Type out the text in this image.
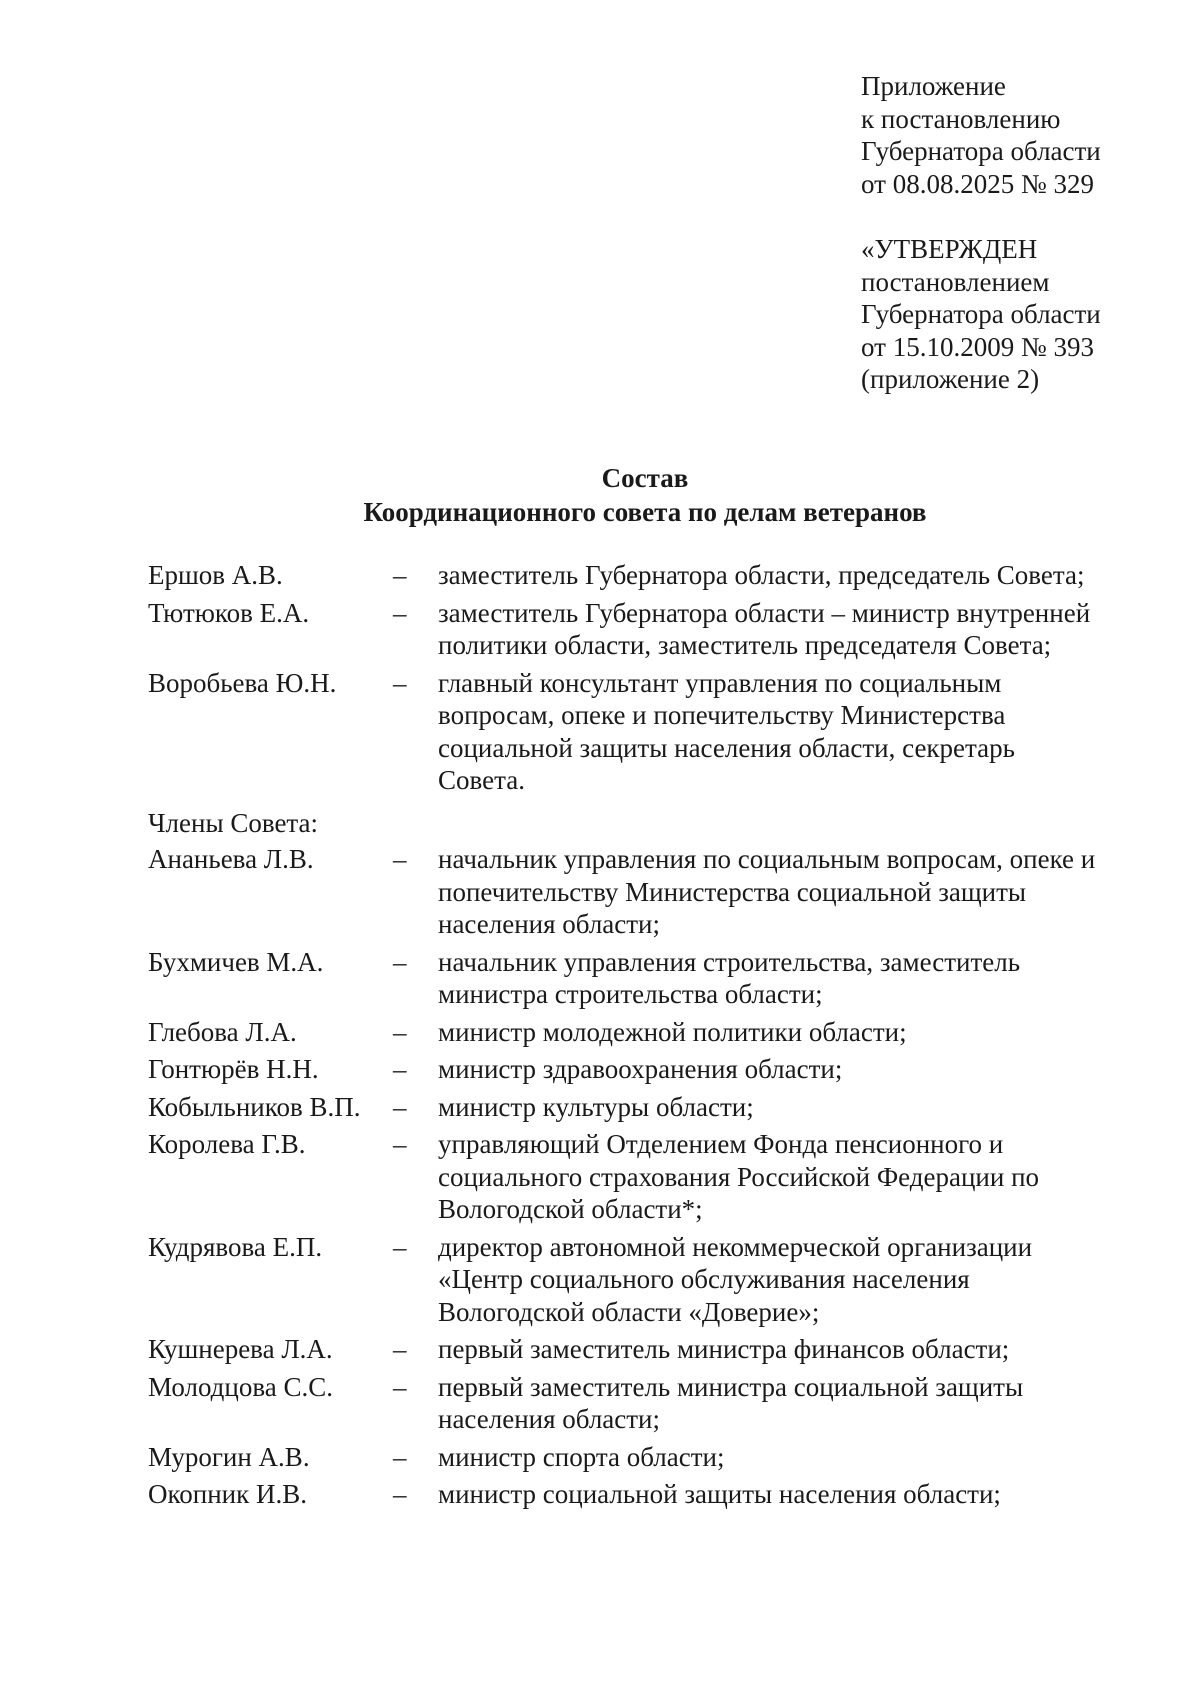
Приложение
к постановлению
Губернатора области
от 08.08.2025 № 329
«УТВЕРЖДЕН
постановлением
Губернатора области
от 15.10.2009 № 393
(приложение 2)
Состав
Координационного совета по делам ветеранов
Ершов А.В.	– заместитель Губернатора области, председатель Совета;
Тютюков Е.А.	– заместитель Губернатора области – министр внутренней
политики области, заместитель председателя Совета;
Воробьева Ю.Н. – главный консультант управления по социальным
вопросам, опеке и попечительству Министерства
социальной защиты населения области, секретарь
Совета.
Члены Совета:
Ананьева Л.В.	– начальник управления по социальным вопросам, опеке и
попечительству Министерства социальной защиты
населения области;
Бухмичев М.А.	– начальник управления строительства, заместитель
министра строительства области;
Глебова Л.А.	– министр молодежной политики области;
Гонтюрёв Н.Н.	– министр здравоохранения области;
Кобыльников В.П. – министр культуры области;
Королева Г.В.	– управляющий Отделением Фонда пенсионного и
социального страхования Российской Федерации по
Вологодской области*;
Кудрявова Е.П.	– директор автономной некоммерческой организации
«Центр социального обслуживания населения
Вологодской области «Доверие»;
Кушнерева Л.А. – первый заместитель министра финансов области;
Молодцова С.С. – первый заместитель министра социальной защиты
населения области;
Мурогин А.В.	– министр спорта области;
Окопник И.В.	– министр социальной защиты населения области;
